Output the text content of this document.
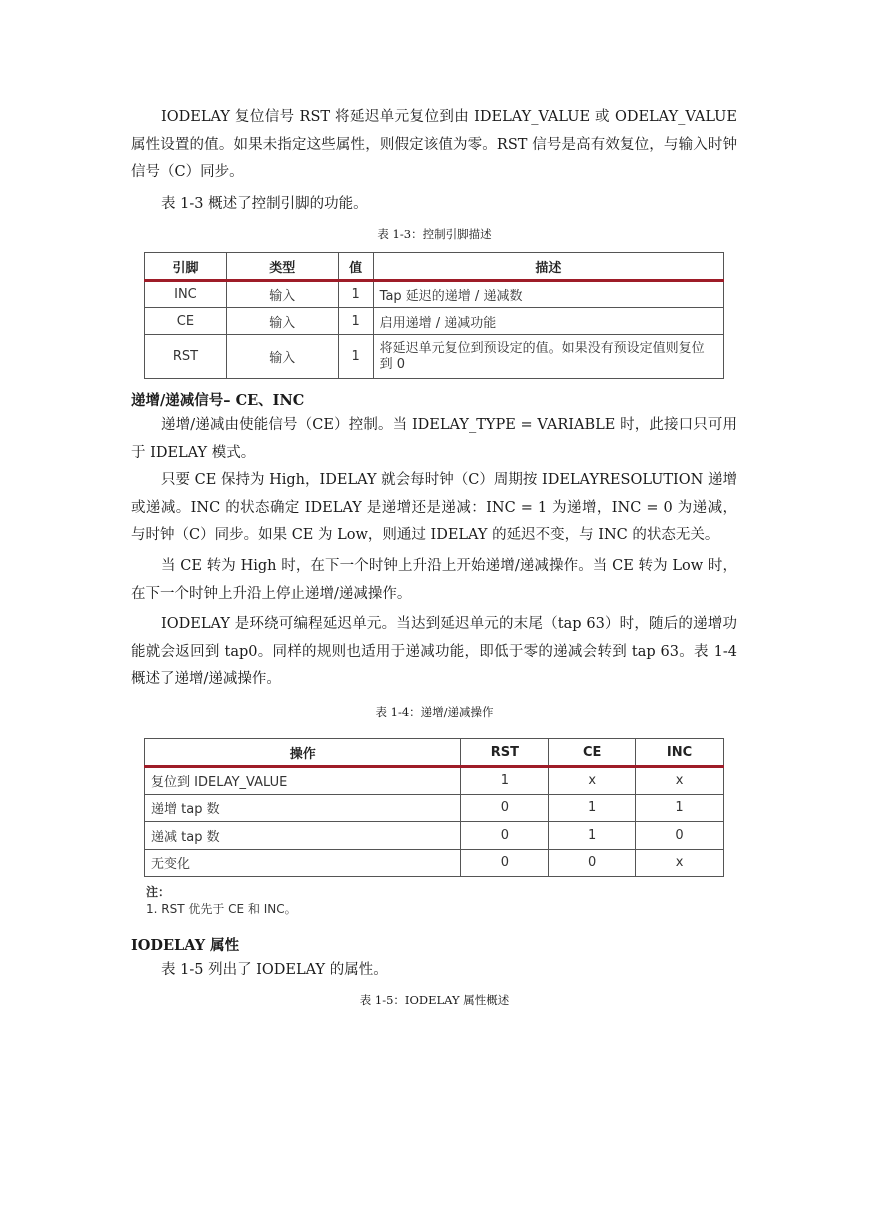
IODELAY 复位信号 RST 将延迟单元复位到由 IDELAY_VALUE 或 ODELAY_VALUE 属性设置的值。如果未指定这些属性，则假定该值为零。RST 信号是高有效复位，与输入时钟信号（C）同步。

表 1-3 概述了控制引脚的功能。

表 1-3：控制引脚描述

引脚	类型	值	描述
INC	输入	1	Tap 延迟的递增 / 递减数
CE	输入	1	启用递增 / 递减功能
RST	输入	1	将延迟单元复位到预设定的值。如果没有预设定值则复位到 0

递增/递减信号– CE、INC

递增/递减由使能信号（CE）控制。当 IDELAY_TYPE = VARIABLE 时，此接口只可用于 IDELAY 模式。

只要 CE 保持为 High，IDELAY 就会每时钟（C）周期按 IDELAYRESOLUTION 递增或递减。INC 的状态确定 IDELAY 是递增还是递减：INC = 1 为递增，INC = 0 为递减，与时钟（C）同步。如果 CE 为 Low，则通过 IDELAY 的延迟不变，与 INC 的状态无关。

当 CE 转为 High 时，在下一个时钟上升沿上开始递增/递减操作。当 CE 转为 Low 时，在下一个时钟上升沿上停止递增/递减操作。

IODELAY 是环绕可编程延迟单元。当达到延迟单元的末尾（tap 63）时，随后的递增功能就会返回到 tap0。同样的规则也适用于递减功能，即低于零的递减会转到 tap 63。表 1-4 概述了递增/递减操作。

表 1-4：递增/递减操作

操作	RST	CE	INC
复位到 IDELAY_VALUE	1	x	x
递增 tap 数	0	1	1
递减 tap 数	0	1	0
无变化	0	0	x
注：
1. RST 优先于 CE 和 INC。

IODELAY 属性

表 1-5 列出了 IODELAY 的属性。

表 1-5：IODELAY 属性概述
